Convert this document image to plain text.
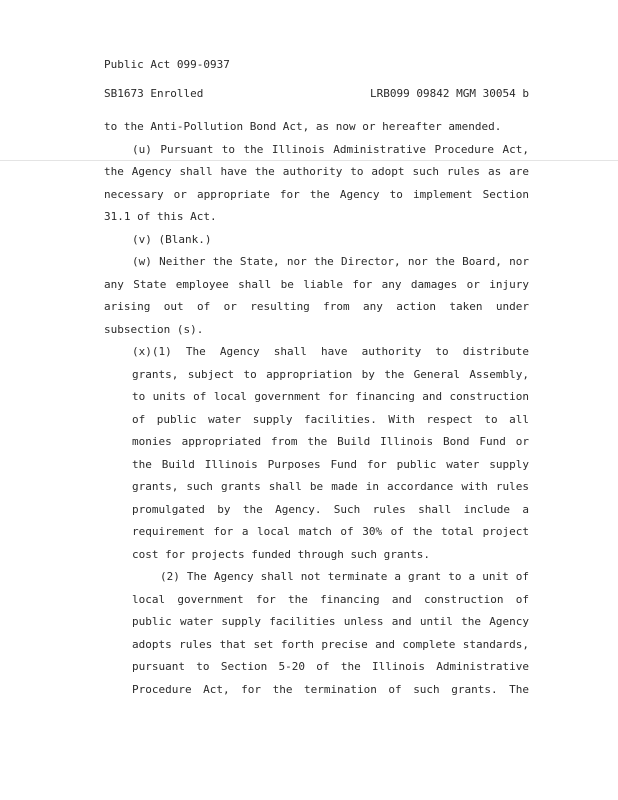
Public Act 099-0937
SB1673 Enrolled	LRB099 09842 MGM 30054 b
to the Anti-Pollution Bond Act, as now or hereafter amended.
(u) Pursuant to the Illinois Administrative Procedure Act,
the Agency shall have the authority to adopt such rules as are
necessary or appropriate for the Agency to implement Section
31.1 of this Act.
(v) (Blank.)
(w) Neither the State, nor the Director, nor the Board, nor
any State employee shall be liable for any damages or injury
arising out of or resulting from any action taken under
subsection (s).
(x)(1) The Agency shall have authority to distribute
grants, subject to appropriation by the General Assembly,
to units of local government for financing and construction
of public water supply facilities. With respect to all
monies appropriated from the Build Illinois Bond Fund or
the Build Illinois Purposes Fund for public water supply
grants, such grants shall be made in accordance with rules
promulgated by the Agency. Such rules shall include a
requirement for a local match of 30% of the total project
cost for projects funded through such grants.
(2) The Agency shall not terminate a grant to a unit of
local government for the financing and construction of
public water supply facilities unless and until the Agency
adopts rules that set forth precise and complete standards,
pursuant to Section 5-20 of the Illinois Administrative
Procedure Act, for the termination of such grants. The
